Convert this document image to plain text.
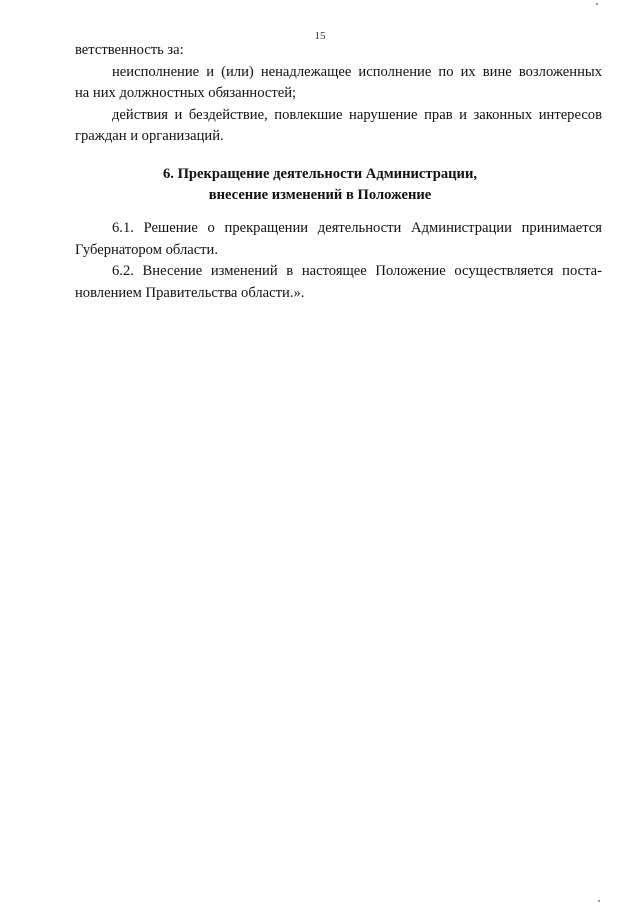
15
ветственность за:
неисполнение и (или) ненадлежащее исполнение по их вине возложенных
на них должностных обязанностей;
действия и бездействие, повлекшие нарушение прав и законных интересов
граждан и организаций.
6. Прекращение деятельности Администрации,
внесение изменений в Положение
6.1. Решение о прекращении деятельности Администрации принимается
Губернатором области.
6.2. Внесение изменений в настоящее Положение осуществляется поста-
новлением Правительства области.».
